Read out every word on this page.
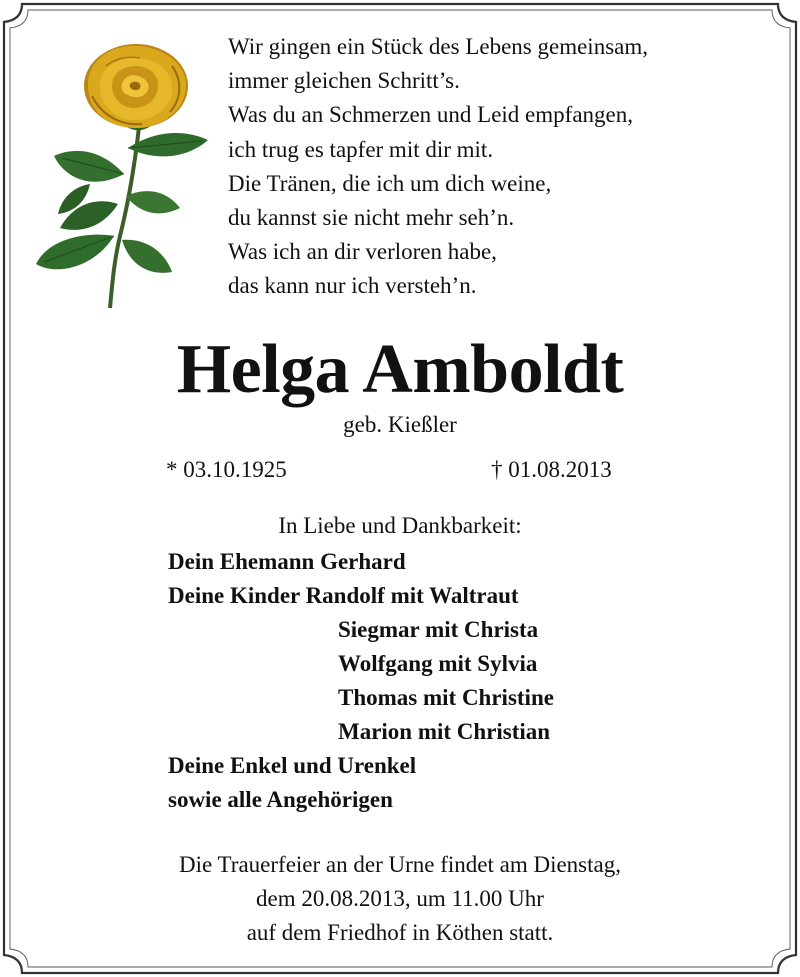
Wir gingen ein Stück des Lebens gemeinsam,
immer gleichen Schritt’s.
Was du an Schmerzen und Leid empfangen,
ich trug es tapfer mit dir mit.
Die Tränen, die ich um dich weine,
du kannst sie nicht mehr seh’n.
Was ich an dir verloren habe,
das kann nur ich versteh’n.
Helga Amboldt
geb. Kießler
* 03.10.1925	† 01.08.2013
In Liebe und Dankbarkeit:
Dein Ehemann Gerhard
Deine Kinder Randolf mit Waltraut
Siegmar mit Christa
Wolfgang mit Sylvia
Thomas mit Christine
Marion mit Christian
Deine Enkel und Urenkel
sowie alle Angehörigen
Die Trauerfeier an der Urne findet am Dienstag,
dem 20.08.2013, um 11.00 Uhr
auf dem Friedhof in Köthen statt.
